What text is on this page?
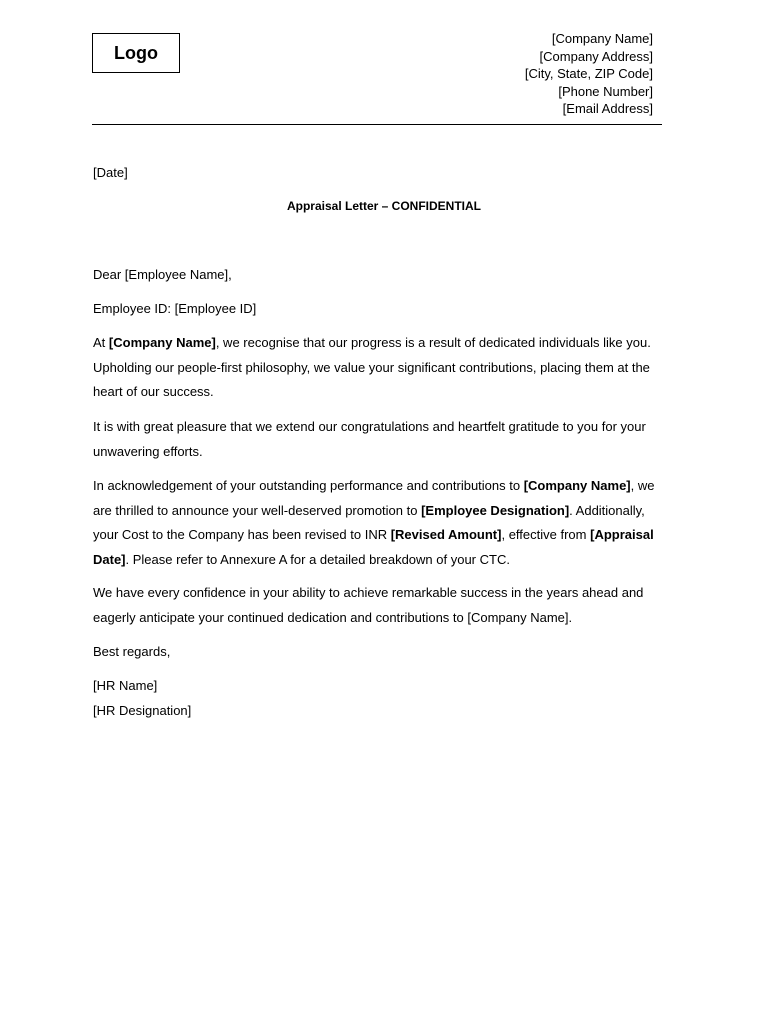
Logo
[Company Name]
[Company Address]
[City, State, ZIP Code]
[Phone Number]
[Email Address]
[Date]
Appraisal Letter – CONFIDENTIAL
Dear [Employee Name],
Employee ID: [Employee ID]
At [Company Name], we recognise that our progress is a result of dedicated individuals like you. Upholding our people-first philosophy, we value your significant contributions, placing them at the heart of our success.
It is with great pleasure that we extend our congratulations and heartfelt gratitude to you for your unwavering efforts.
In acknowledgement of your outstanding performance and contributions to [Company Name], we are thrilled to announce your well-deserved promotion to [Employee Designation]. Additionally, your Cost to the Company has been revised to INR [Revised Amount], effective from [Appraisal Date]. Please refer to Annexure A for a detailed breakdown of your CTC.
We have every confidence in your ability to achieve remarkable success in the years ahead and eagerly anticipate your continued dedication and contributions to [Company Name].
Best regards,
[HR Name]
[HR Designation]
